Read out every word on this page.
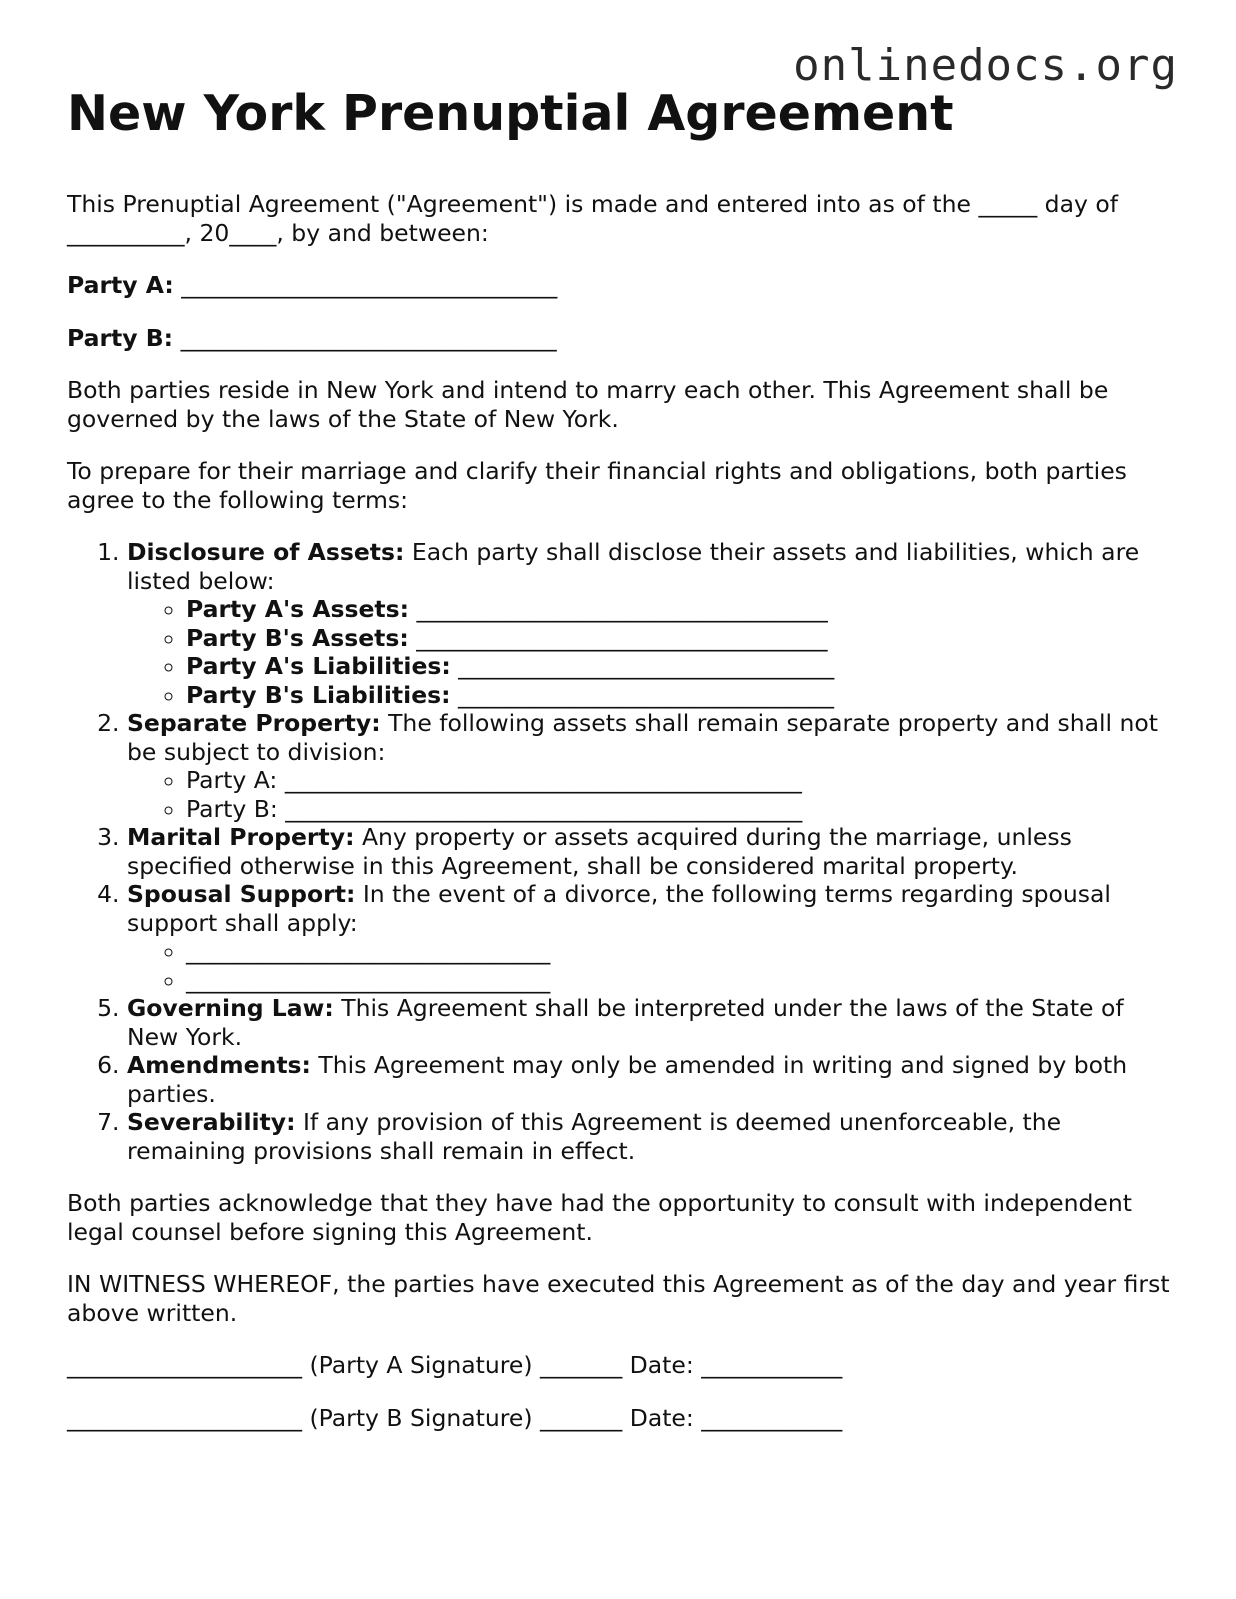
onlinedocs.org
New York Prenuptial Agreement

This Prenuptial Agreement ("Agreement") is made and entered into as of the _____ day of __________, 20____, by and between:

Party A: ________________________________

Party B: ________________________________

Both parties reside in New York and intend to marry each other. This Agreement shall be governed by the laws of the State of New York.

To prepare for their marriage and clarify their financial rights and obligations, both parties agree to the following terms:

1. Disclosure of Assets: Each party shall disclose their assets and liabilities, which are listed below:
◦ Party A's Assets: ___________________________________
◦ Party B's Assets: ___________________________________
◦ Party A's Liabilities: ________________________________
◦ Party B's Liabilities: ________________________________
2. Separate Property: The following assets shall remain separate property and shall not be subject to division:
◦ Party A: ____________________________________________
◦ Party B: ____________________________________________
3. Marital Property: Any property or assets acquired during the marriage, unless specified otherwise in this Agreement, shall be considered marital property.
4. Spousal Support: In the event of a divorce, the following terms regarding spousal support shall apply:
◦ _______________________________
◦ _______________________________
5. Governing Law: This Agreement shall be interpreted under the laws of the State of New York.
6. Amendments: This Agreement may only be amended in writing and signed by both parties.
7. Severability: If any provision of this Agreement is deemed unenforceable, the remaining provisions shall remain in effect.

Both parties acknowledge that they have had the opportunity to consult with independent legal counsel before signing this Agreement.

IN WITNESS WHEREOF, the parties have executed this Agreement as of the day and year first above written.

____________________ (Party A Signature) _______ Date: ____________

____________________ (Party B Signature) _______ Date: ____________
